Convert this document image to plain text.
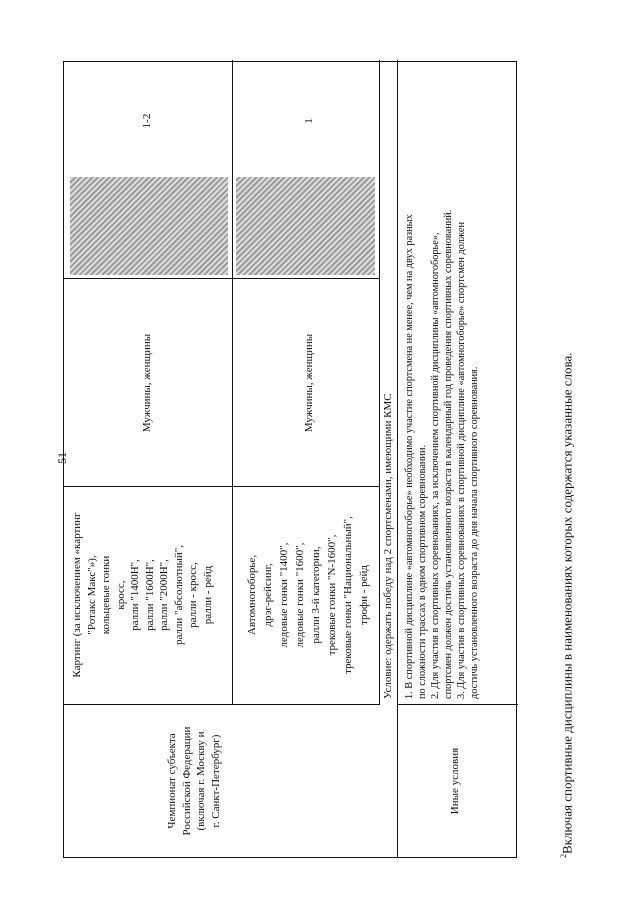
51
Чемпионат субъекта Российской Федерации (включая г. Москву и г. Санкт-Петербург)
Картинг (за исключением «картинг "Ротакс Макс"»), кольцевые гонки кросс, ралли "1400Н", ралли "1600Н", ралли "2000Н", ралли "абсолютный", ралли - кросс, ралли - рейд
Мужчины, женщины
1-2
Автомногоборье, дрэг-рейсинг, ледовые гонки "1400", ледовые гонки "1600", ралли 3-й категории, трековые гонки "N-1600", трековые гонки "Национальный", трофи - рейд
Мужчины, женщины
1
Условие: одержать победу над 2 спортсменами, имеющими КМС
Иные условия
1. В спортивной дисциплине «автомногоборье» необходимо участие спортсмена не менее, чем на двух разных по сложности трассах в одном спортивном соревновании. 2. Для участия в спортивных соревнованиях, за исключением спортивной дисциплины «автомногоборье», спортсмен должен достичь установленного возраста в календарный год проведения спортивных соревнований. 3. Для участия в спортивных соревнованиях в спортивной дисциплине «автомногоборье» спортсмен должен достичь установленного возраста до дня начала спортивного соревнования.
$^2$Включая спортивные дисциплины в наименованиях которых содержатся указанные слова.
